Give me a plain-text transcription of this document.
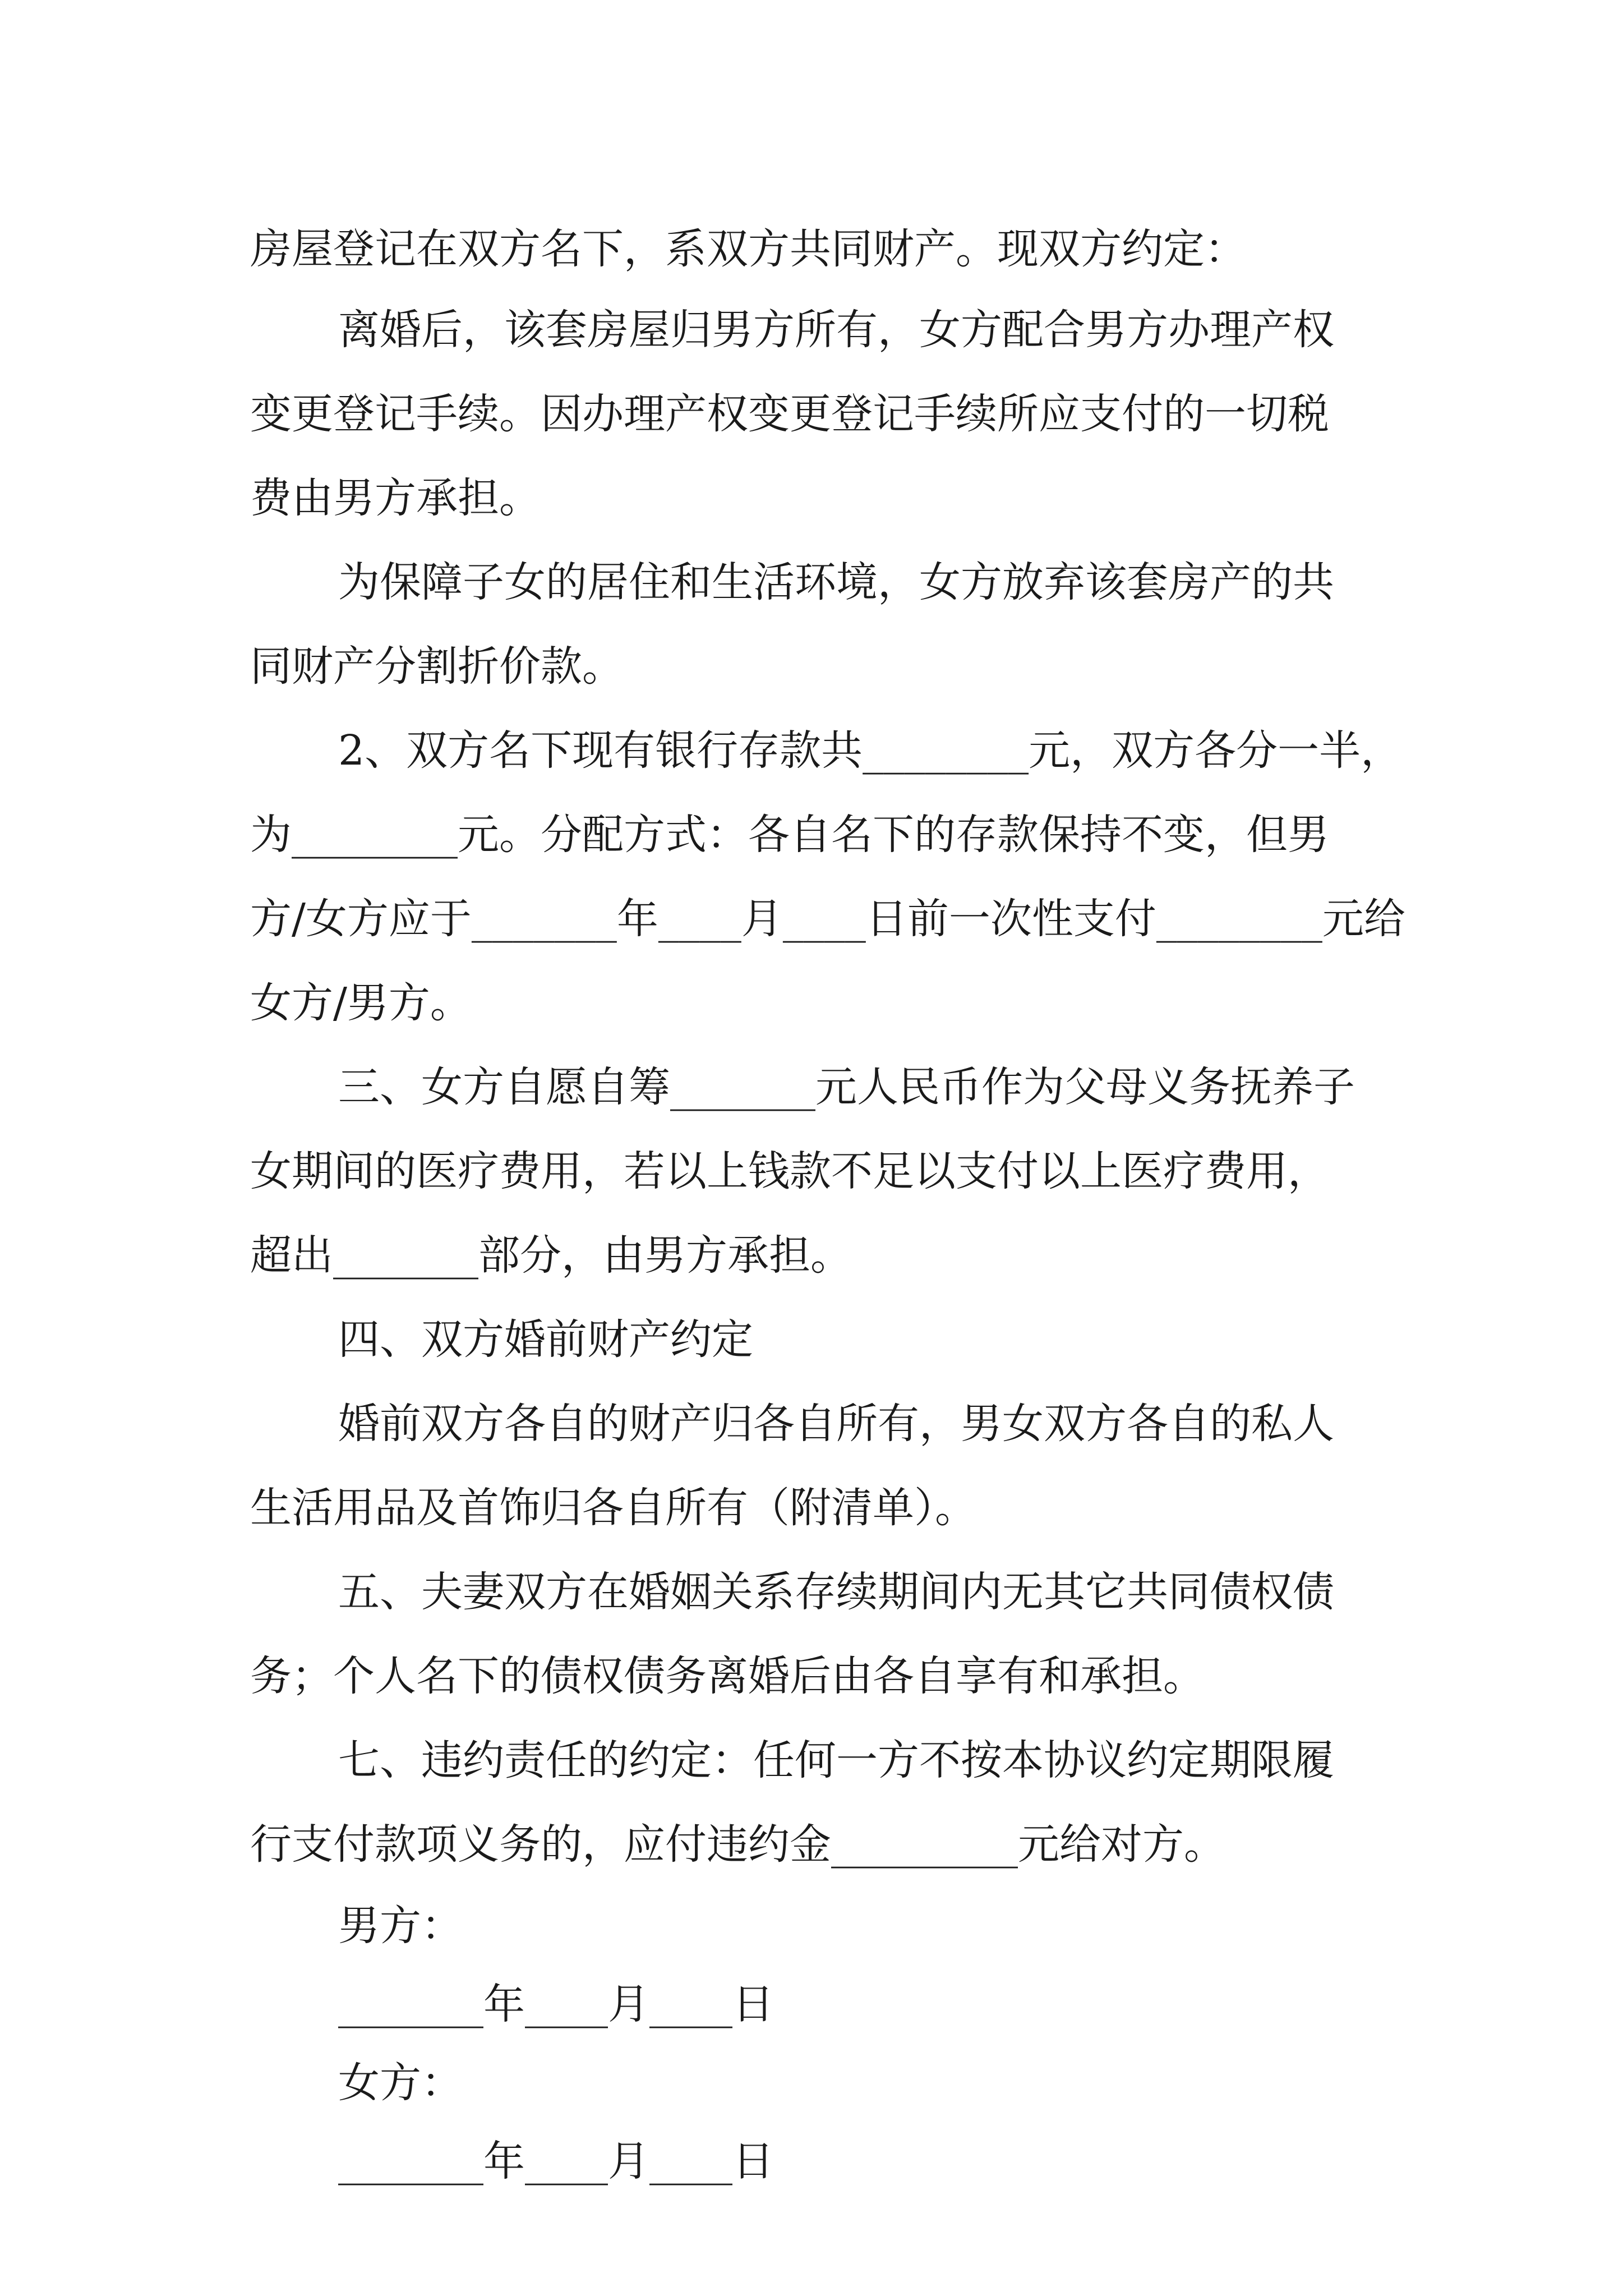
房屋登记在双方名下，系双方共同财产。现双方约定：
离婚后，该套房屋归男方所有，女方配合男方办理产权
变更登记手续。因办理产权变更登记手续所应支付的一切税
费由男方承担。
为保障子女的居住和生活环境，女方放弃该套房产的共
同财产分割折价款。
2、双方名下现有银行存款共________元，双方各分一半，
为________元。分配方式：各自名下的存款保持不变，但男
方/女方应于_______年____月____日前一次性支付________元给
女方/男方。
三、女方自愿自筹_______元人民币作为父母义务抚养子
女期间的医疗费用，若以上钱款不足以支付以上医疗费用，
超出_______部分，由男方承担。
四、双方婚前财产约定
婚前双方各自的财产归各自所有，男女双方各自的私人
生活用品及首饰归各自所有（附清单）。
五、夫妻双方在婚姻关系存续期间内无其它共同债权债
务；个人名下的债权债务离婚后由各自享有和承担。
七、违约责任的约定：任何一方不按本协议约定期限履
行支付款项义务的，应付违约金_________元给对方。
男方：
_______年____月____日
女方：
_______年____月____日
